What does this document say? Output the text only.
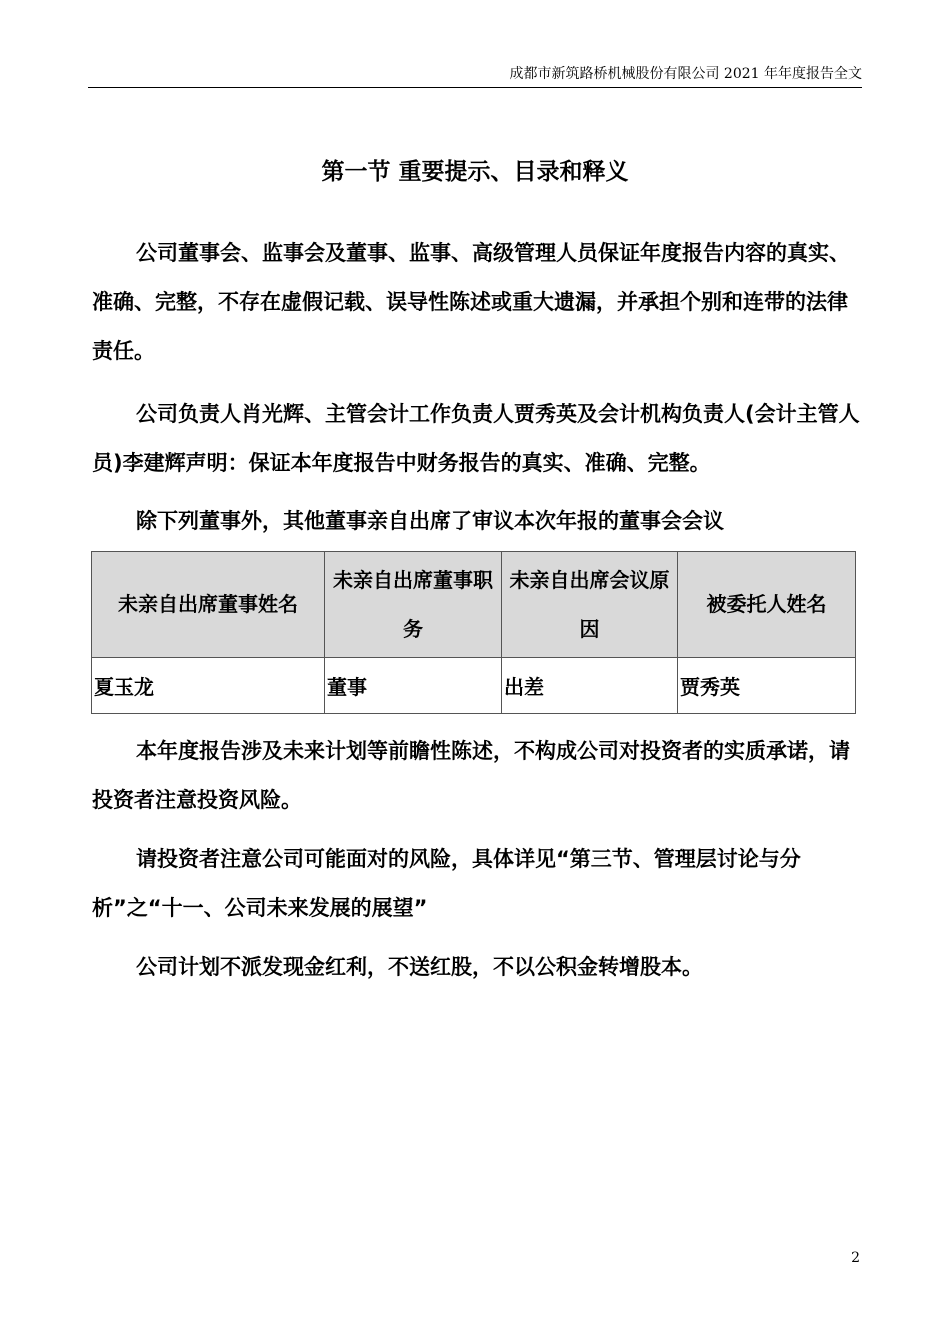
成都市新筑路桥机械股份有限公司 2021 年年度报告全文
第一节 重要提示、目录和释义

公司董事会、监事会及董事、监事、高级管理人员保证年度报告内容的真实、准确、完整，不存在虚假记载、误导性陈述或重大遗漏，并承担个别和连带的法律责任。

公司负责人肖光辉、主管会计工作负责人贾秀英及会计机构负责人(会计主管人员)李建辉声明：保证本年度报告中财务报告的真实、准确、完整。

除下列董事外，其他董事亲自出席了审议本次年报的董事会会议

未亲自出席董事姓名	未亲自出席董事职务	未亲自出席会议原因	被委托人姓名
夏玉龙	董事	出差	贾秀英

本年度报告涉及未来计划等前瞻性陈述，不构成公司对投资者的实质承诺，请投资者注意投资风险。

请投资者注意公司可能面对的风险，具体详见“第三节、管理层讨论与分析”之“十一、公司未来发展的展望”

公司计划不派发现金红利，不送红股，不以公积金转增股本。

2
